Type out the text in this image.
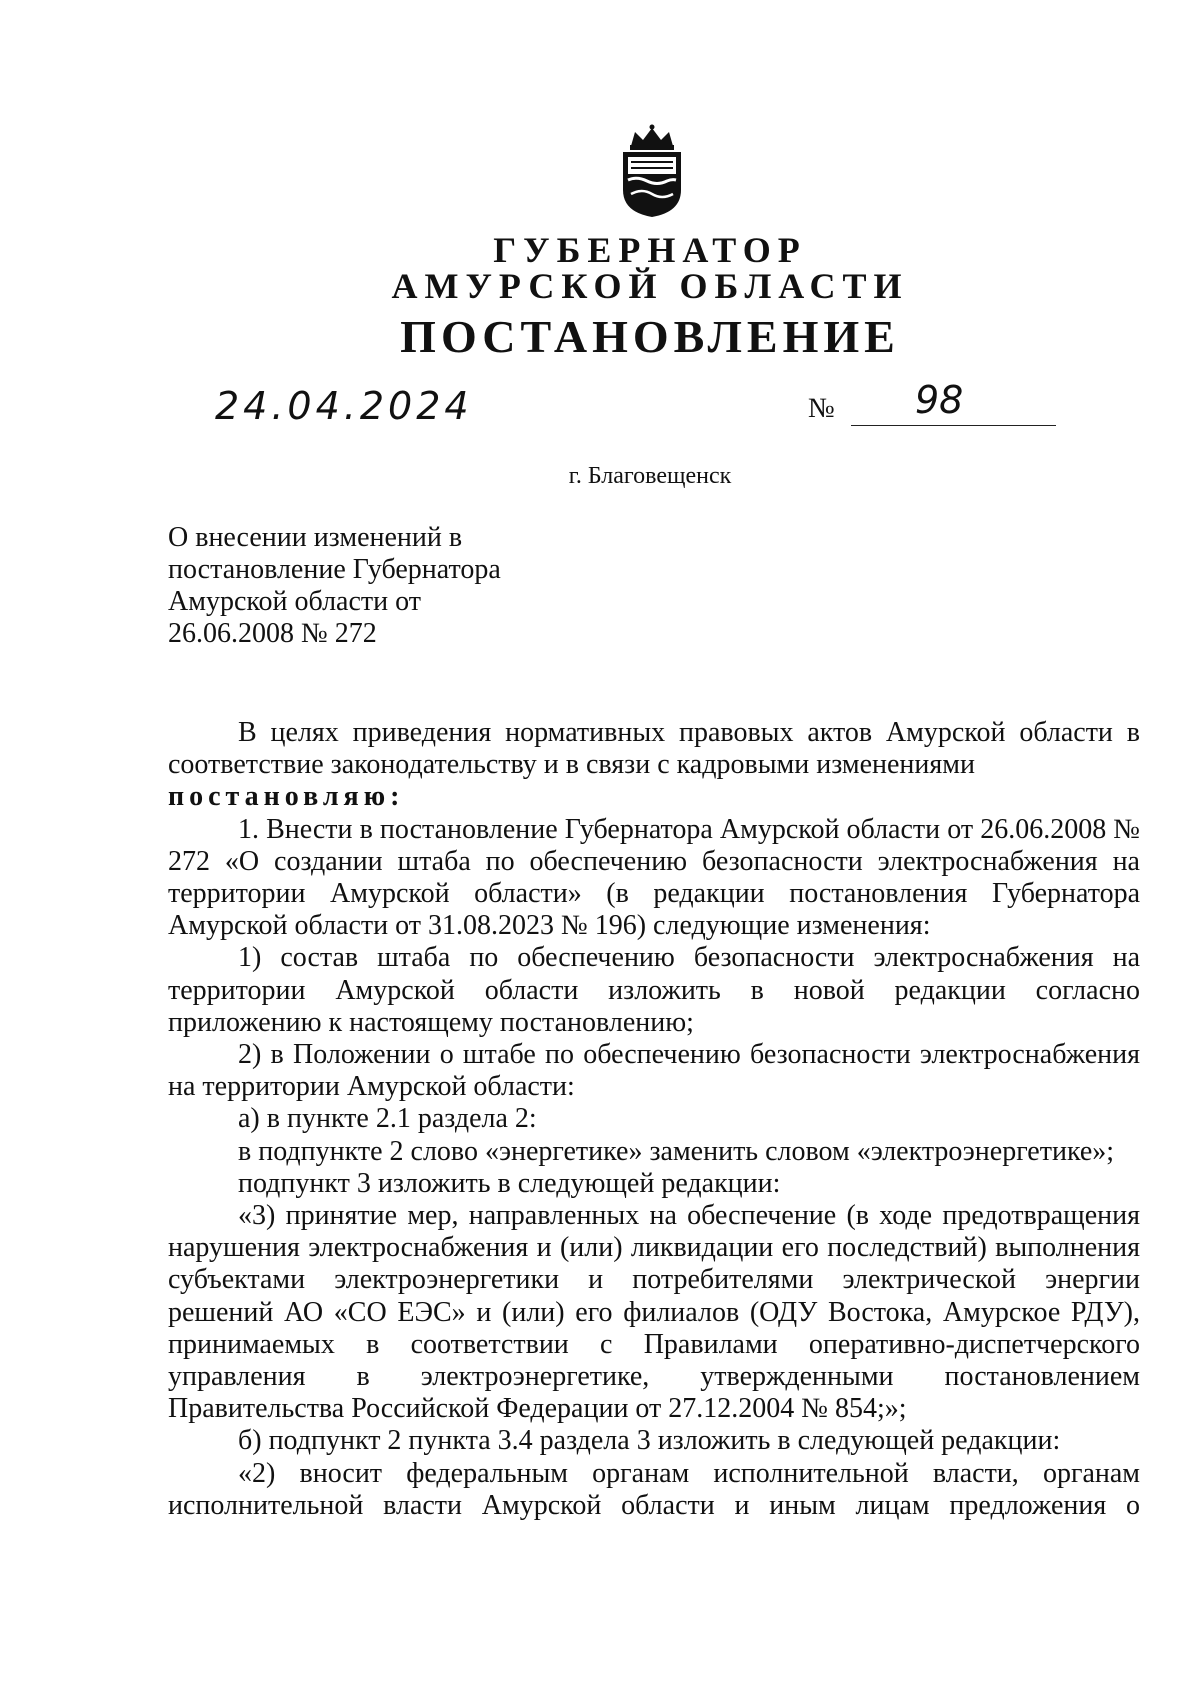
ГУБЕРНАТОР
АМУРСКОЙ ОБЛАСТИ
ПОСТАНОВЛЕНИЕ
24.04.2024	№ 98
г. Благовещенск
О внесении изменений в
постановление Губернатора
Амурской области от
26.06.2008 № 272

В целях приведения нормативных правовых актов Амурской области в соответствие законодательству и в связи с кадровыми изменениями

постановляю:

1. Внести в постановление Губернатора Амурской области от 26.06.2008 № 272 «О создании штаба по обеспечению безопасности электроснабжения на территории Амурской области» (в редакции постановления Губернатора Амурской области от 31.08.2023 № 196) следующие изменения:

1) состав штаба по обеспечению безопасности электроснабжения на территории Амурской области изложить в новой редакции согласно приложению к настоящему постановлению;

2) в Положении о штабе по обеспечению безопасности электроснабжения на территории Амурской области:

а) в пункте 2.1 раздела 2:

в подпункте 2 слово «энергетике» заменить словом «электроэнергетике»;

подпункт 3 изложить в следующей редакции:

«3) принятие мер, направленных на обеспечение (в ходе предотвращения нарушения электроснабжения и (или) ликвидации его последствий) выполнения субъектами электроэнергетики и потребителями электрической энергии решений АО «СО ЕЭС» и (или) его филиалов (ОДУ Востока, Амурское РДУ), принимаемых в соответствии с Правилами оперативно-диспетчерского управления в электроэнергетике, утвержденными постановлением Правительства Российской Федерации от 27.12.2004 № 854;»;

б) подпункт 2 пункта 3.4 раздела 3 изложить в следующей редакции:

«2) вносит федеральным органам исполнительной власти, органам исполнительной власти Амурской области и иным лицам предложения о
